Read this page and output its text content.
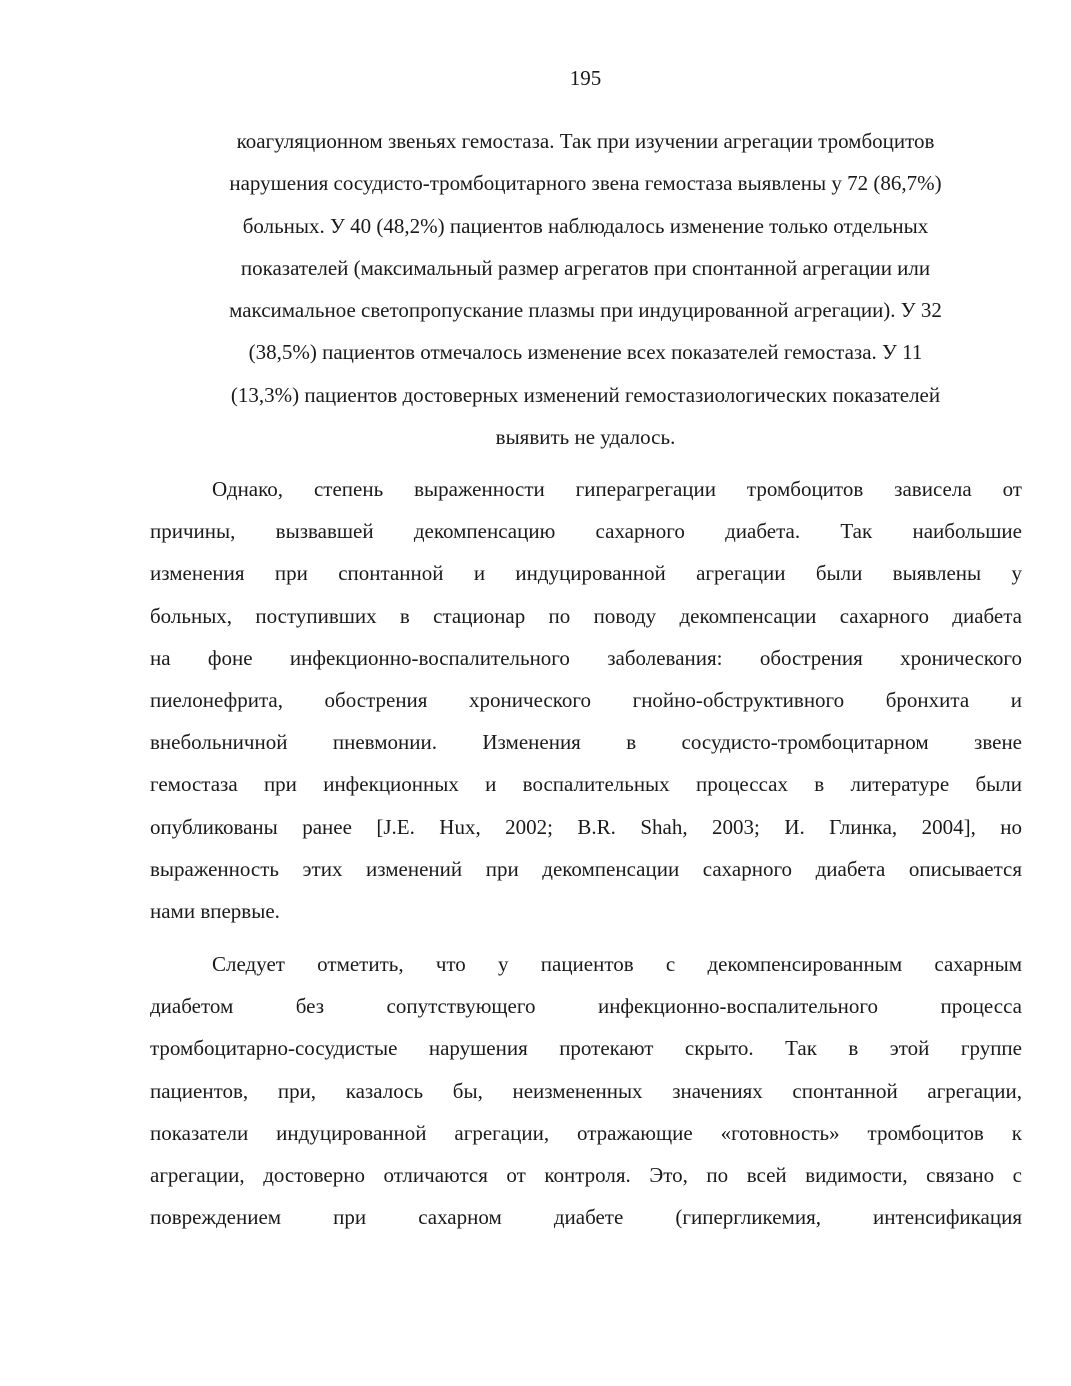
195
коагуляционном звеньях гемостаза. Так при изучении агрегации тромбоцитов
нарушения сосудисто-тромбоцитарного звена гемостаза выявлены у 72 (86,7%)
больных. У 40 (48,2%) пациентов наблюдалось изменение только отдельных
показателей (максимальный размер агрегатов при спонтанной агрегации или
максимальное светопропускание плазмы при индуцированной агрегации). У 32
(38,5%) пациентов отмечалось изменение всех показателей гемостаза. У 11
(13,3%) пациентов достоверных изменений гемостазиологических показателей
выявить не удалось.
Однако, степень выраженности гиперагрегации тромбоцитов зависела от
причины, вызвавшей декомпенсацию сахарного диабета. Так наибольшие
изменения при спонтанной и индуцированной агрегации были выявлены у
больных, поступивших в стационар по поводу декомпенсации сахарного диабета
на фоне инфекционно-воспалительного заболевания: обострения хронического
пиелонефрита, обострения хронического гнойно-обструктивного бронхита и
внебольничной пневмонии. Изменения в сосудисто-тромбоцитарном звене
гемостаза при инфекционных и воспалительных процессах в литературе были
опубликованы ранее [J.E. Hux, 2002; B.R. Shah, 2003; И. Глинка, 2004], но
выраженность этих изменений при декомпенсации сахарного диабета описывается
нами впервые.
Следует отметить, что у пациентов с декомпенсированным сахарным
диабетом без сопутствующего инфекционно-воспалительного процесса
тромбоцитарно-сосудистые нарушения протекают скрыто. Так в этой группе
пациентов, при, казалось бы, неизмененных значениях спонтанной агрегации,
показатели индуцированной агрегации, отражающие «готовность» тромбоцитов к
агрегации, достоверно отличаются от контроля. Это, по всей видимости, связано с
повреждением при сахарном диабете (гипергликемия, интенсификация
